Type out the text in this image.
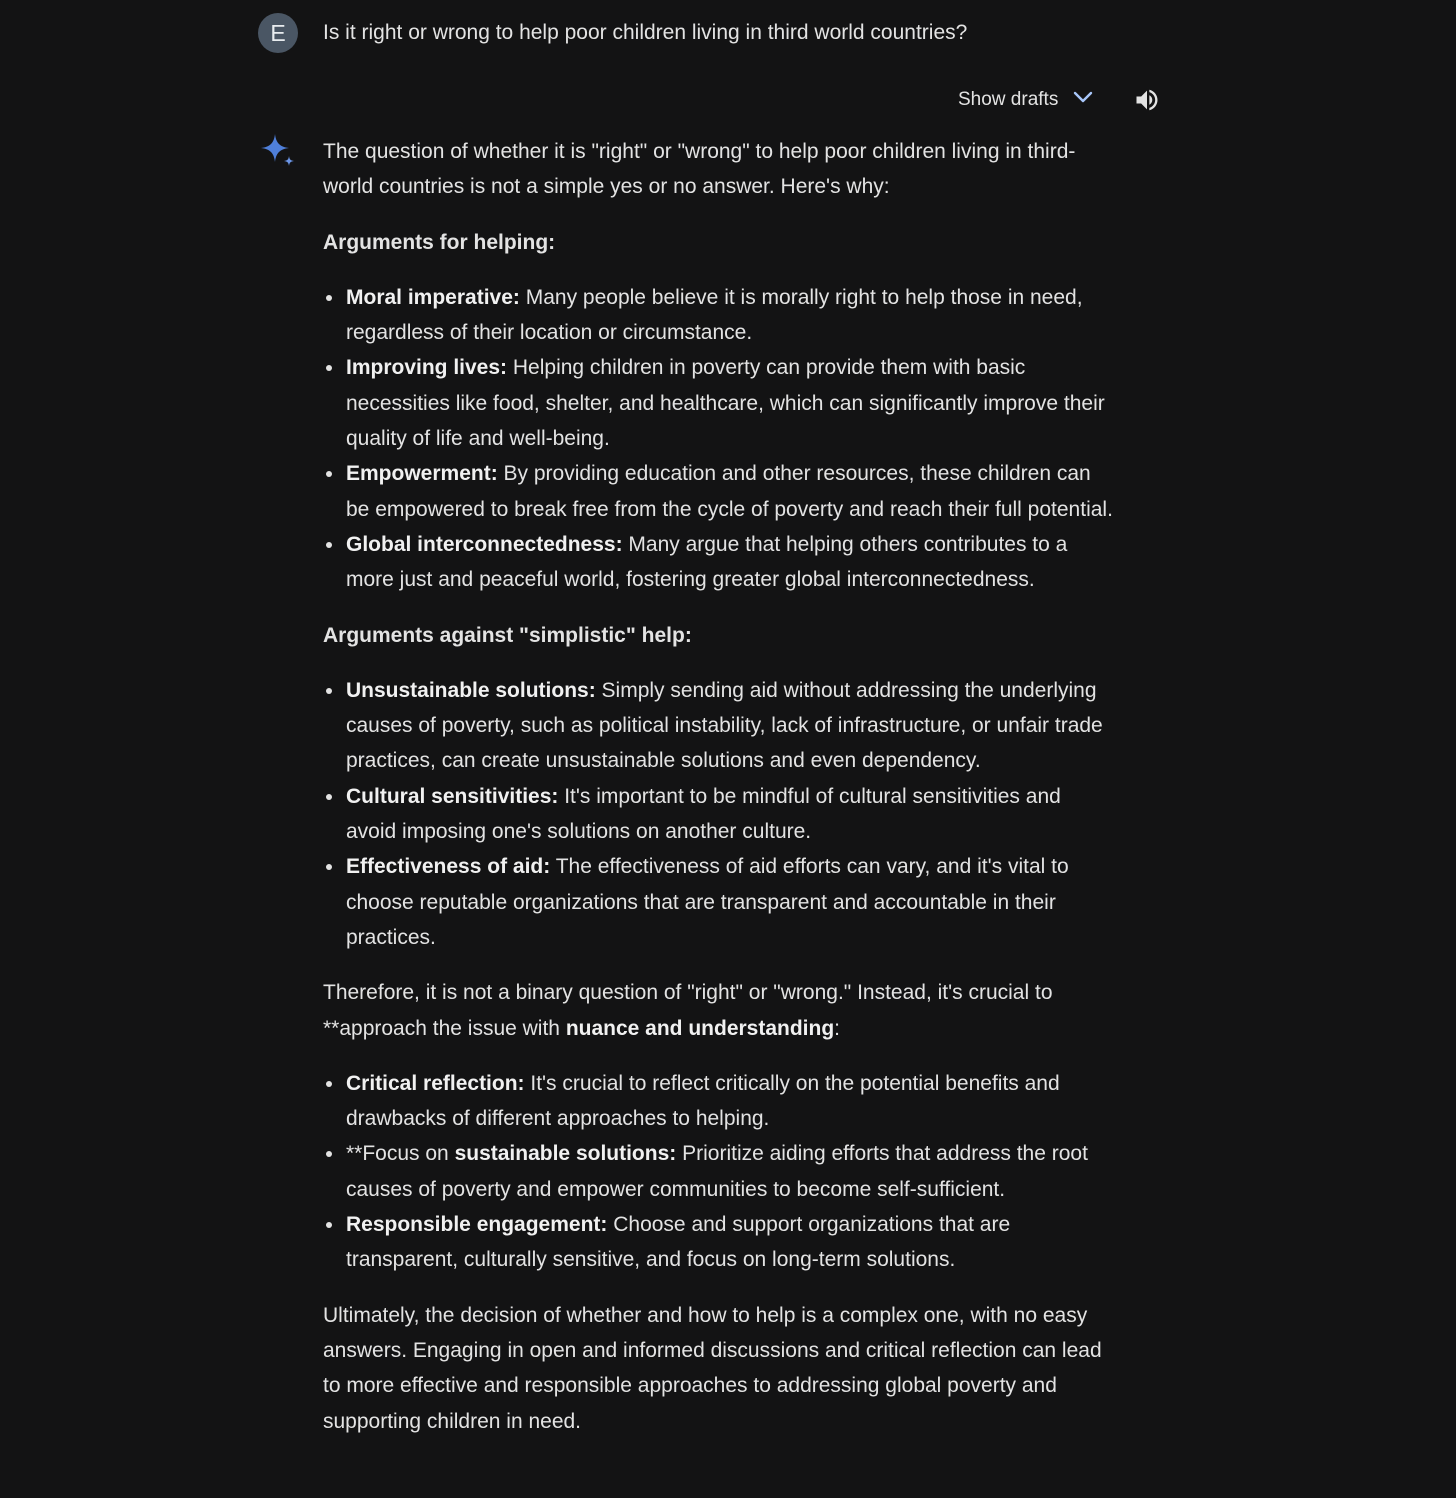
E	Is it right or wrong to help poor children living in third world countries?
Show drafts

The question of whether it is "right" or "wrong" to help poor children living in third-world countries is not a simple yes or no answer. Here's why:

Arguments for helping:
Moral imperative: Many people believe it is morally right to help those in need, regardless of their location or circumstance.
Improving lives: Helping children in poverty can provide them with basic necessities like food, shelter, and healthcare, which can significantly improve their quality of life and well-being.
Empowerment: By providing education and other resources, these children can be empowered to break free from the cycle of poverty and reach their full potential.
Global interconnectedness: Many argue that helping others contributes to a more just and peaceful world, fostering greater global interconnectedness.
Arguments against "simplistic" help:
Unsustainable solutions: Simply sending aid without addressing the underlying causes of poverty, such as political instability, lack of infrastructure, or unfair trade practices, can create unsustainable solutions and even dependency.
Cultural sensitivities: It's important to be mindful of cultural sensitivities and avoid imposing one's solutions on another culture.
Effectiveness of aid: The effectiveness of aid efforts can vary, and it's vital to choose reputable organizations that are transparent and accountable in their practices.

Therefore, it is not a binary question of "right" or "wrong." Instead, it's crucial to **approach the issue with nuance and understanding:

Critical reflection: It's crucial to reflect critically on the potential benefits and drawbacks of different approaches to helping.
**Focus on sustainable solutions: Prioritize aiding efforts that address the root causes of poverty and empower communities to become self-sufficient.
Responsible engagement: Choose and support organizations that are transparent, culturally sensitive, and focus on long-term solutions.

Ultimately, the decision of whether and how to help is a complex one, with no easy answers. Engaging in open and informed discussions and critical reflection can lead to more effective and responsible approaches to addressing global poverty and supporting children in need.
